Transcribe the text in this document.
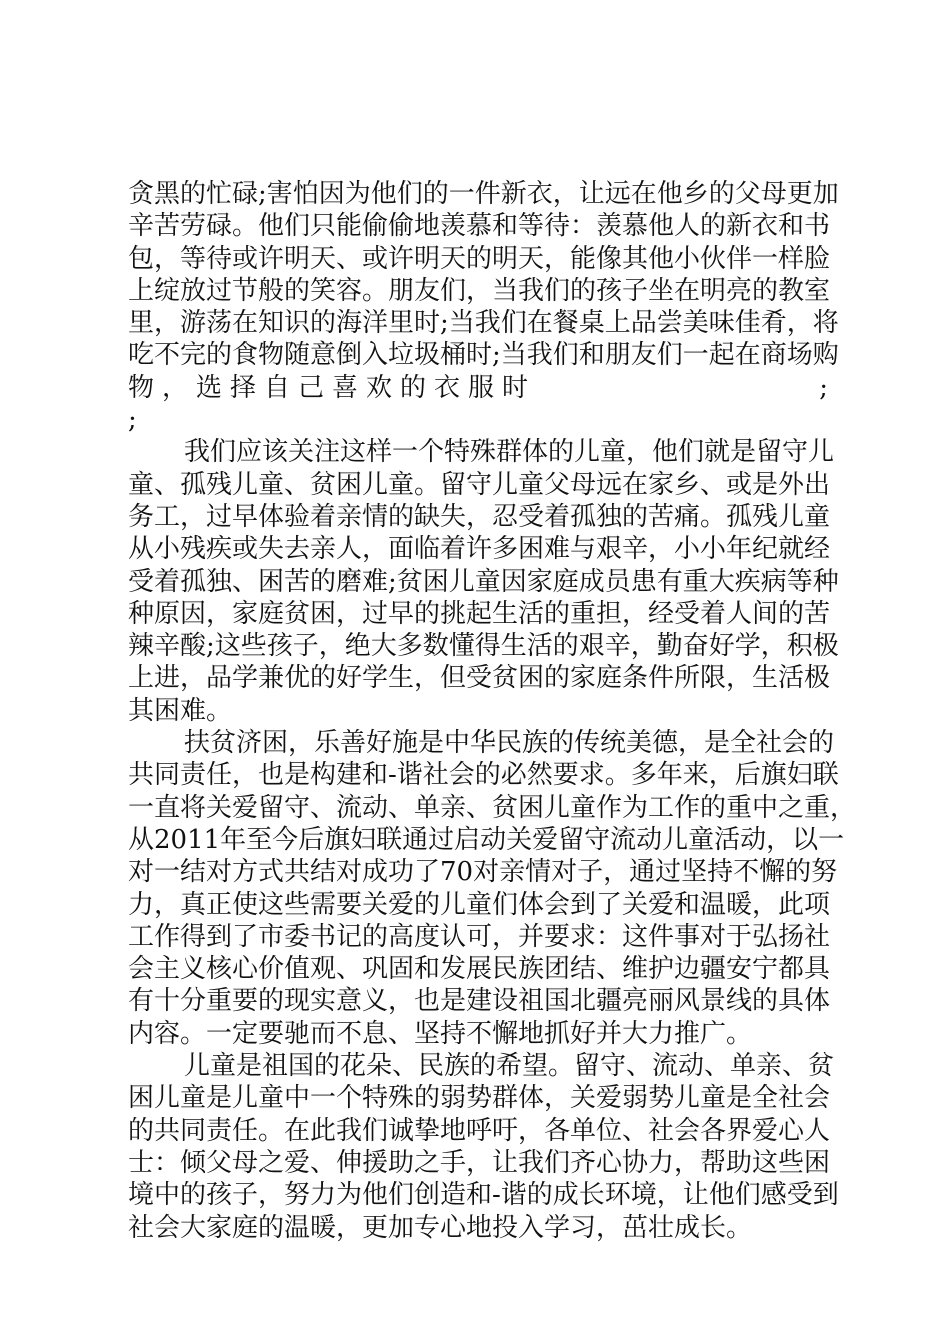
贪黑的忙碌;害怕因为他们的一件新衣，让远在他乡的父母更加
辛苦劳碌。他们只能偷偷地羡慕和等待：羡慕他人的新衣和书
包，等待或许明天、或许明天的明天，能像其他小伙伴一样脸
上绽放过节般的笑容。朋友们，当我们的孩子坐在明亮的教室
里，游荡在知识的海洋里时;当我们在餐桌上品尝美味佳肴，将
吃不完的食物随意倒入垃圾桶时;当我们和朋友们一起在商场购
物，选择自己喜欢的衣服时	;
;
我们应该关注这样一个特殊群体的儿童，他们就是留守儿
童、孤残儿童、贫困儿童。留守儿童父母远在家乡、或是外出
务工，过早体验着亲情的缺失，忍受着孤独的苦痛。孤残儿童
从小残疾或失去亲人，面临着许多困难与艰辛，小小年纪就经
受着孤独、困苦的磨难;贫困儿童因家庭成员患有重大疾病等种
种原因，家庭贫困，过早的挑起生活的重担，经受着人间的苦
辣辛酸;这些孩子，绝大多数懂得生活的艰辛，勤奋好学，积极
上进，品学兼优的好学生，但受贫困的家庭条件所限，生活极
其困难。
扶贫济困，乐善好施是中华民族的传统美德，是全社会的
共同责任，也是构建和-谐社会的必然要求。多年来，后旗妇联
一直将关爱留守、流动、单亲、贫困儿童作为工作的重中之重，
从2011年至今后旗妇联通过启动关爱留守流动儿童活动，以一
对一结对方式共结对成功了70对亲情对子，通过坚持不懈的努
力，真正使这些需要关爱的儿童们体会到了关爱和温暖，此项
工作得到了市委书记的高度认可，并要求：这件事对于弘扬社
会主义核心价值观、巩固和发展民族团结、维护边疆安宁都具
有十分重要的现实意义，也是建设祖国北疆亮丽风景线的具体
内容。一定要驰而不息、坚持不懈地抓好并大力推广。
儿童是祖国的花朵、民族的希望。留守、流动、单亲、贫
困儿童是儿童中一个特殊的弱势群体，关爱弱势儿童是全社会
的共同责任。在此我们诚挚地呼吁，各单位、社会各界爱心人
士：倾父母之爱、伸援助之手，让我们齐心协力，帮助这些困
境中的孩子，努力为他们创造和-谐的成长环境，让他们感受到
社会大家庭的温暖，更加专心地投入学习，茁壮成长。
